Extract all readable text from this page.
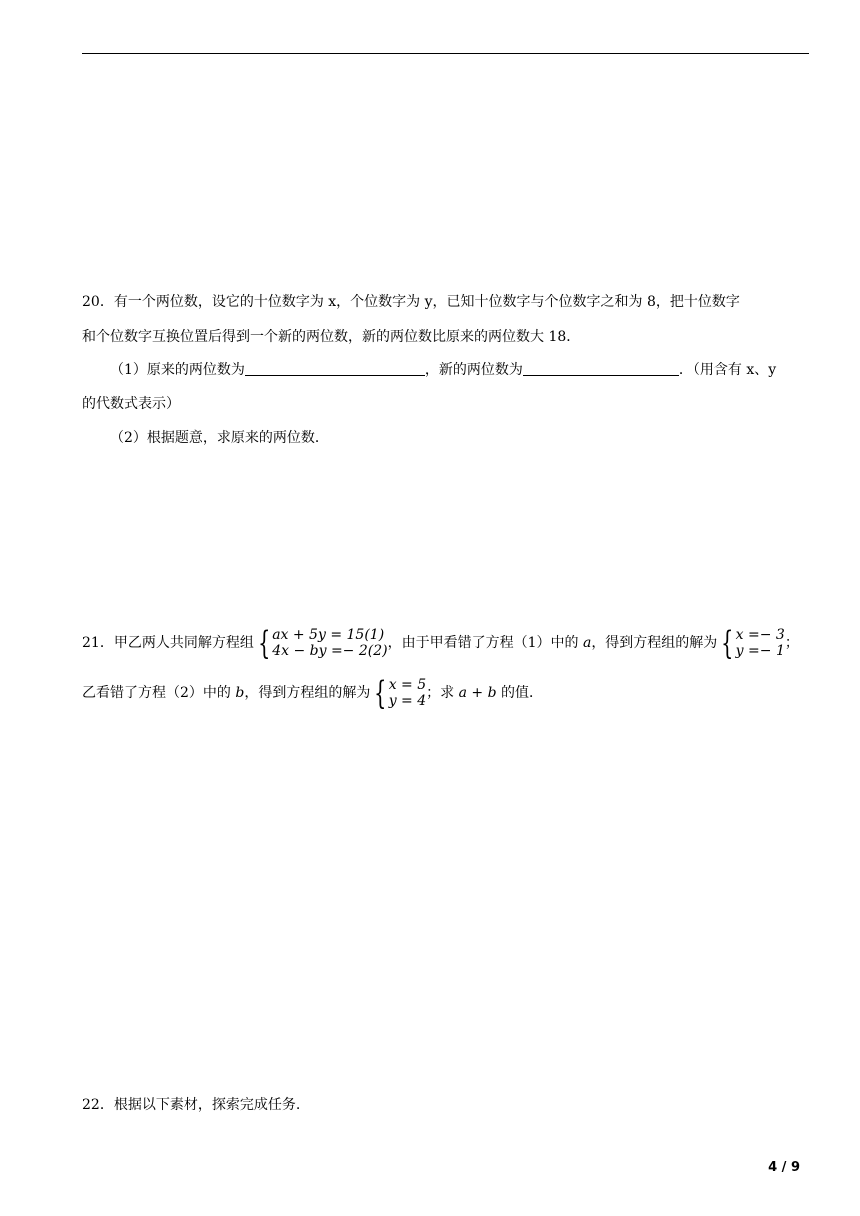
20．有一个两位数，设它的十位数字为 x，个位数字为 y，已知十位数字与个位数字之和为 8，把十位数字
和个位数字互换位置后得到一个新的两位数，新的两位数比原来的两位数大 18．
（1）原来的两位数为	，新的两位数为	．（用含有 x、y
的代数式表示）
（2）根据题意，求原来的两位数．
21．甲乙两人共同解方程组 { ax + 5y = 15(1)
4x − by =− 2(2) ，由于甲看错了方程（1）中的 a，得到方程组的解为 { x =− 3
y =− 1 ；
乙看错了方程（2）中的 b，得到方程组的解为 { x = 5
y = 4 ；求 a + b 的值．
22．根据以下素材，探索完成任务.
4 / 9
